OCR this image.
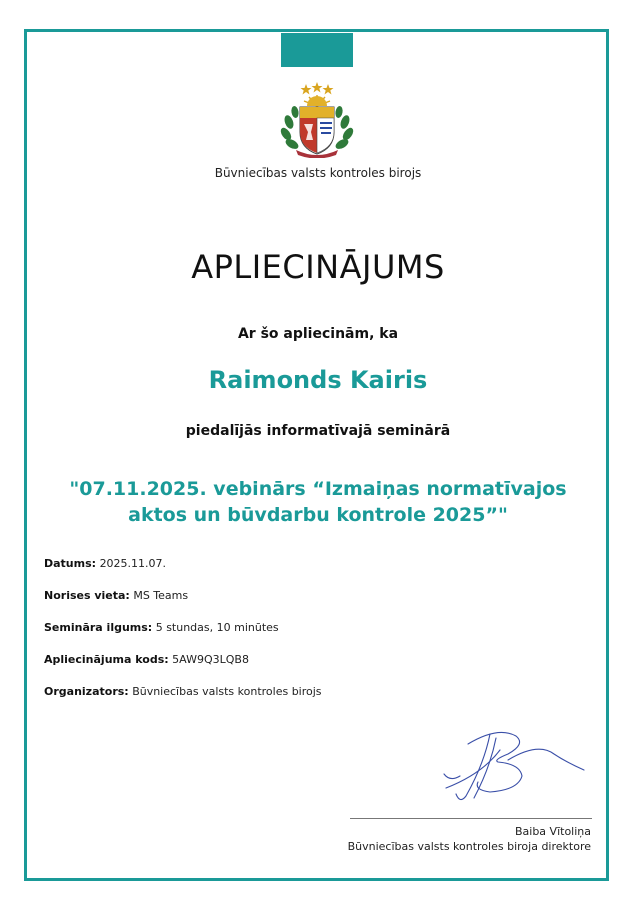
Būvniecības valsts kontroles birojs
APLIECINĀJUMS
Ar šo apliecinām, ka
Raimonds Kairis
piedalījās informatīvajā seminārā
"07.11.2025. vebinārs “Izmaiņas normatīvajos aktos un būvdarbu kontrole 2025”"
Datums: 2025.11.07.
Norises vieta: MS Teams
Semināra ilgums: 5 stundas, 10 minūtes
Apliecinājuma kods: 5AW9Q3LQB8
Organizators: Būvniecības valsts kontroles birojs
Baiba Vītoliņa
Būvniecības valsts kontroles biroja direktore
